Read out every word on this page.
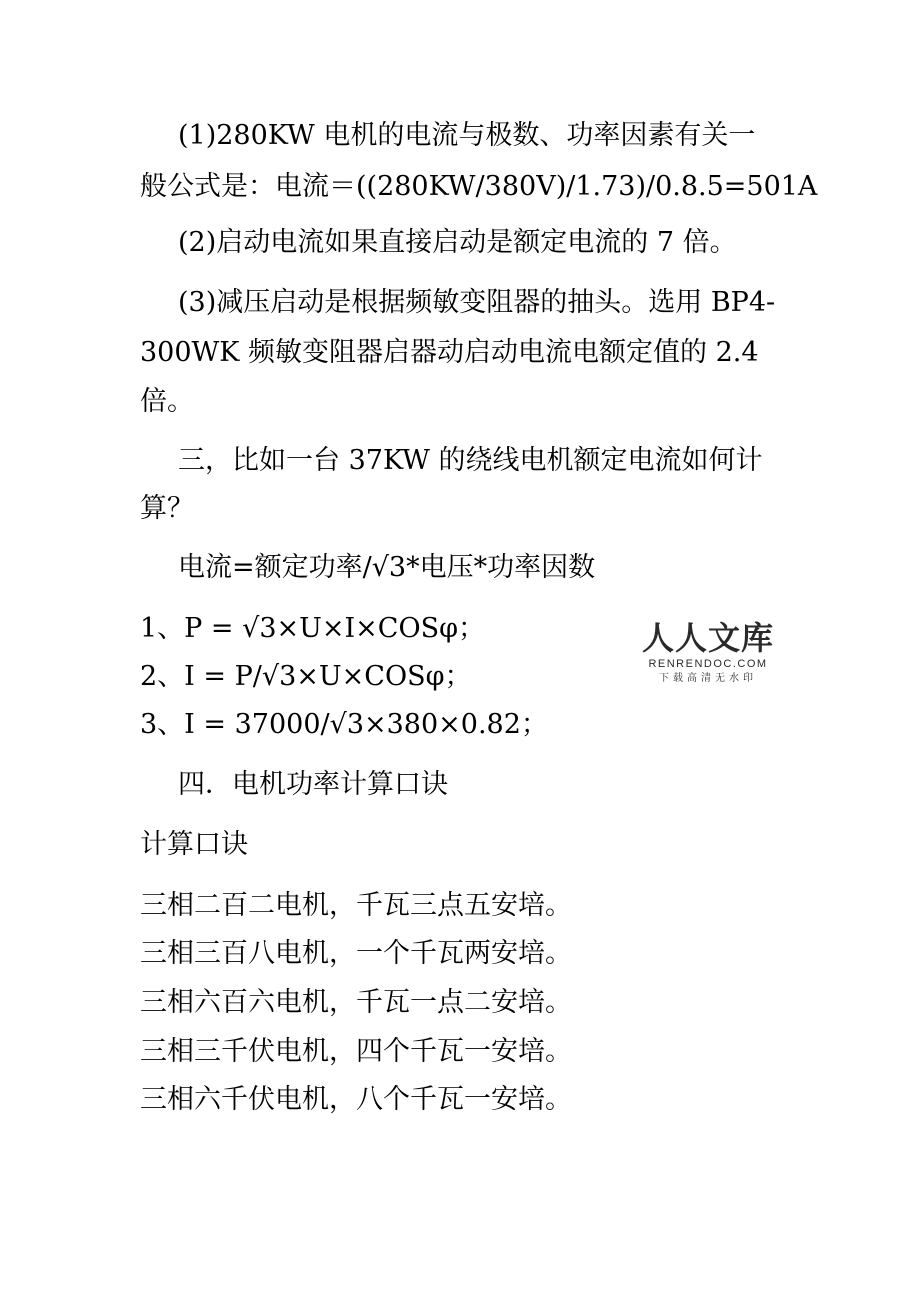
(1)280KW 电机的电流与极数、功率因素有关一
般公式是：电流＝((280KW/380V)/1.73)/0.8.5=501A
(2)启动电流如果直接启动是额定电流的 7 倍。
(3)减压启动是根据频敏变阻器的抽头。选用 BP4-
300WK 频敏变阻器启器动启动电流电额定值的 2.4
倍。
三，比如一台 37KW 的绕线电机额定电流如何计
算？
电流=额定功率/√3*电压*功率因数
1、P = √3×U×I×COSφ；
2、I = P/√3×U×COSφ；
3、I = 37000/√3×380×0.82；
四．电机功率计算口诀
计算口诀
三相二百二电机，千瓦三点五安培。
三相三百八电机，一个千瓦两安培。
三相六百六电机，千瓦一点二安培。
三相三千伏电机，四个千瓦一安培。
三相六千伏电机，八个千瓦一安培。
人人文库
RENRENDOC.COM
下载高清无水印
